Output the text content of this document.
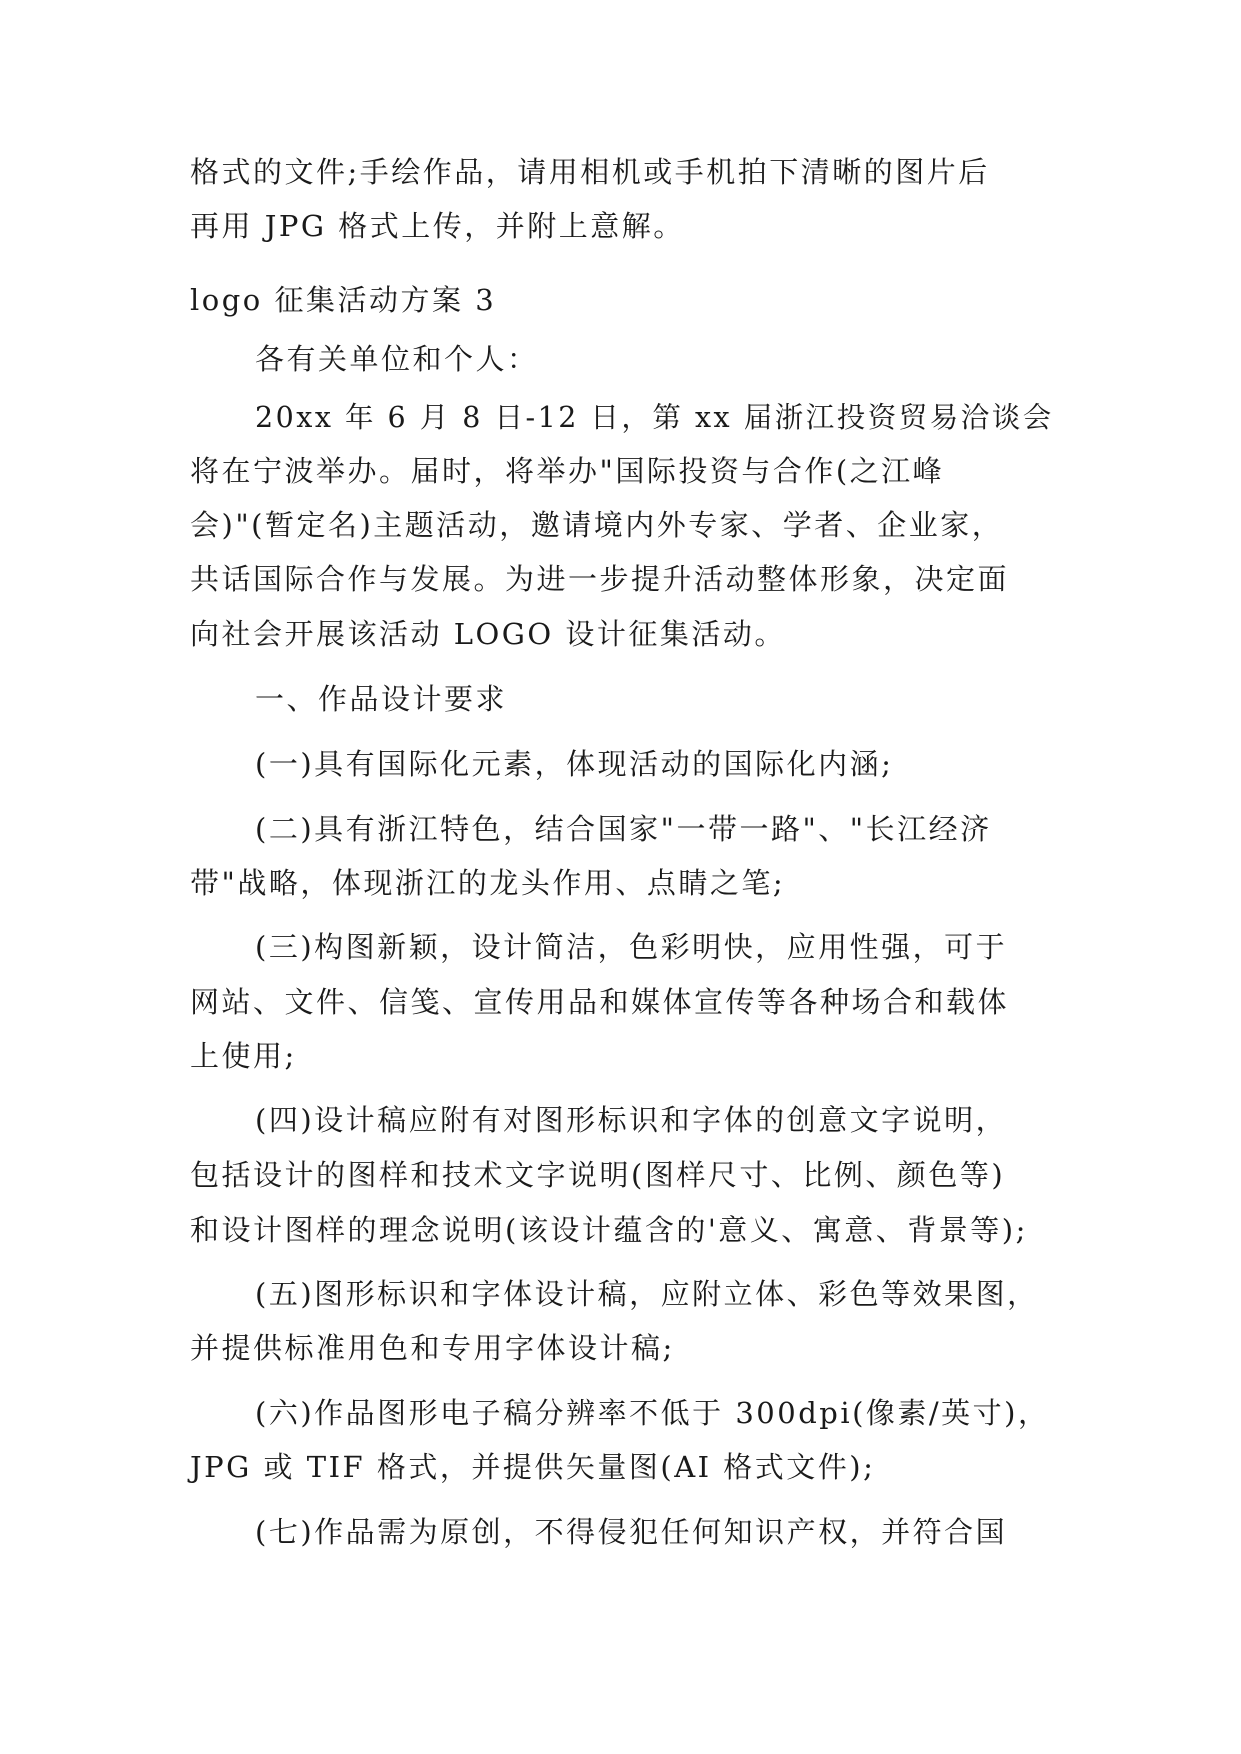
格式的文件;手绘作品，请用相机或手机拍下清晰的图片后
再用 JPG 格式上传，并附上意解。
logo 征集活动方案 3
各有关单位和个人：
20xx 年 6 月 8 日-12 日，第 xx 届浙江投资贸易洽谈会
将在宁波举办。届时，将举办"国际投资与合作(之江峰
会)"(暂定名)主题活动，邀请境内外专家、学者、企业家，
共话国际合作与发展。为进一步提升活动整体形象，决定面
向社会开展该活动 LOGO 设计征集活动。
一、作品设计要求
(一)具有国际化元素，体现活动的国际化内涵;
(二)具有浙江特色，结合国家"一带一路"、"长江经济
带"战略，体现浙江的龙头作用、点睛之笔;
(三)构图新颖，设计简洁，色彩明快，应用性强，可于
网站、文件、信笺、宣传用品和媒体宣传等各种场合和载体
上使用;
(四)设计稿应附有对图形标识和字体的创意文字说明，
包括设计的图样和技术文字说明(图样尺寸、比例、颜色等)
和设计图样的理念说明(该设计蕴含的'意义、寓意、背景等);
(五)图形标识和字体设计稿，应附立体、彩色等效果图，
并提供标准用色和专用字体设计稿;
(六)作品图形电子稿分辨率不低于 300dpi(像素/英寸)，
JPG 或 TIF 格式，并提供矢量图(AI 格式文件);
(七)作品需为原创，不得侵犯任何知识产权，并符合国
